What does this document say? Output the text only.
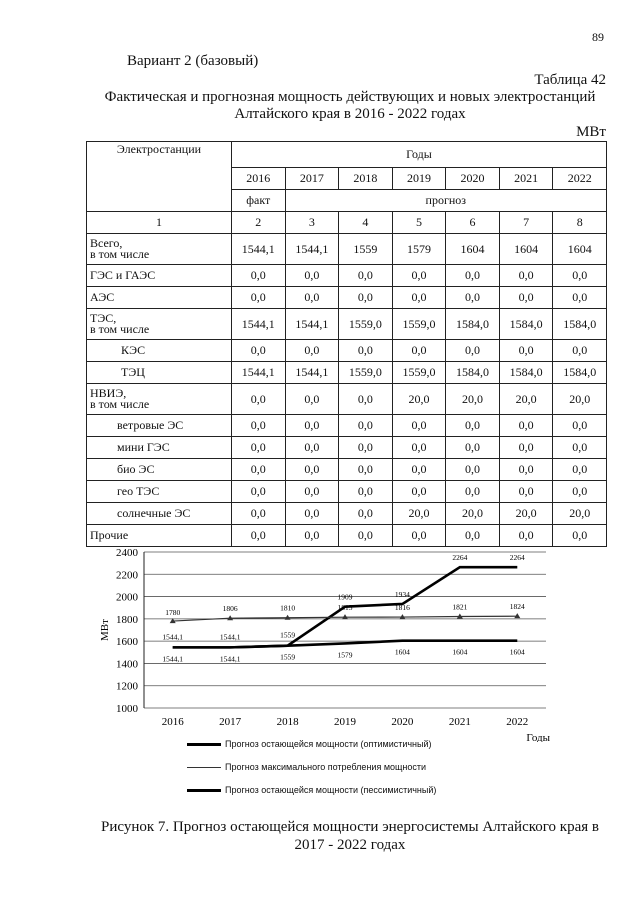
89
Вариант 2 (базовый)
Таблица 42
Фактическая и прогнозная мощность действующих и новых электростанций
Алтайского края в 2016 - 2022 годах
МВт
Электростанции	Годы						
	2016	2017	2018	2019	2020	2021	2022
	факт	прогноз					
1	2	3	4	5	6	7	8

Всего,
в том числе	1544,1	1544,1	1559	1579	1604	1604	1604

ГЭС и ГАЭС	0,0	0,0	0,0	0,0	0,0	0,0	0,0

АЭС	0,0	0,0	0,0	0,0	0,0	0,0	0,0

ТЭС,
в том числе	1544,1	1544,1	1559,0	1559,0	1584,0	1584,0	1584,0

КЭС	0,0	0,0	0,0	0,0	0,0	0,0	0,0

ТЭЦ	1544,1	1544,1	1559,0	1559,0	1584,0	1584,0	1584,0

НВИЭ,
в том числе	0,0	0,0	0,0	20,0	20,0	20,0	20,0

ветровые ЭС	0,0	0,0	0,0	0,0	0,0	0,0	0,0

мини ГЭС	0,0	0,0	0,0	0,0	0,0	0,0	0,0

био ЭС	0,0	0,0	0,0	0,0	0,0	0,0	0,0

гео ТЭС	0,0	0,0	0,0	0,0	0,0	0,0	0,0

солнечные ЭС	0,0	0,0	0,0	20,0	20,0	20,0	20,0

Прочие	0,0	0,0	0,0	0,0	0,0	0,0	0,0
1000
1200
1400
1600
1800
2000
2200
2400
2016	2017	2018	2019	2020	2021	2022
МВт
Годы
1544,1	1544,1	1559
1909	1934
2264	2264
1780	1806	1810	1815	1816	1821	1824
1544,1	1544,1	1559	1579	1604	1604	1604
Прогноз остающейся мощности (оптимистичный)
Прогноз максимального потребления мощности
Прогноз остающейся мощности (пессимистичный)
Рисунок 7. Прогноз остающейся мощности энергосистемы Алтайского края в
2017 - 2022 годах
